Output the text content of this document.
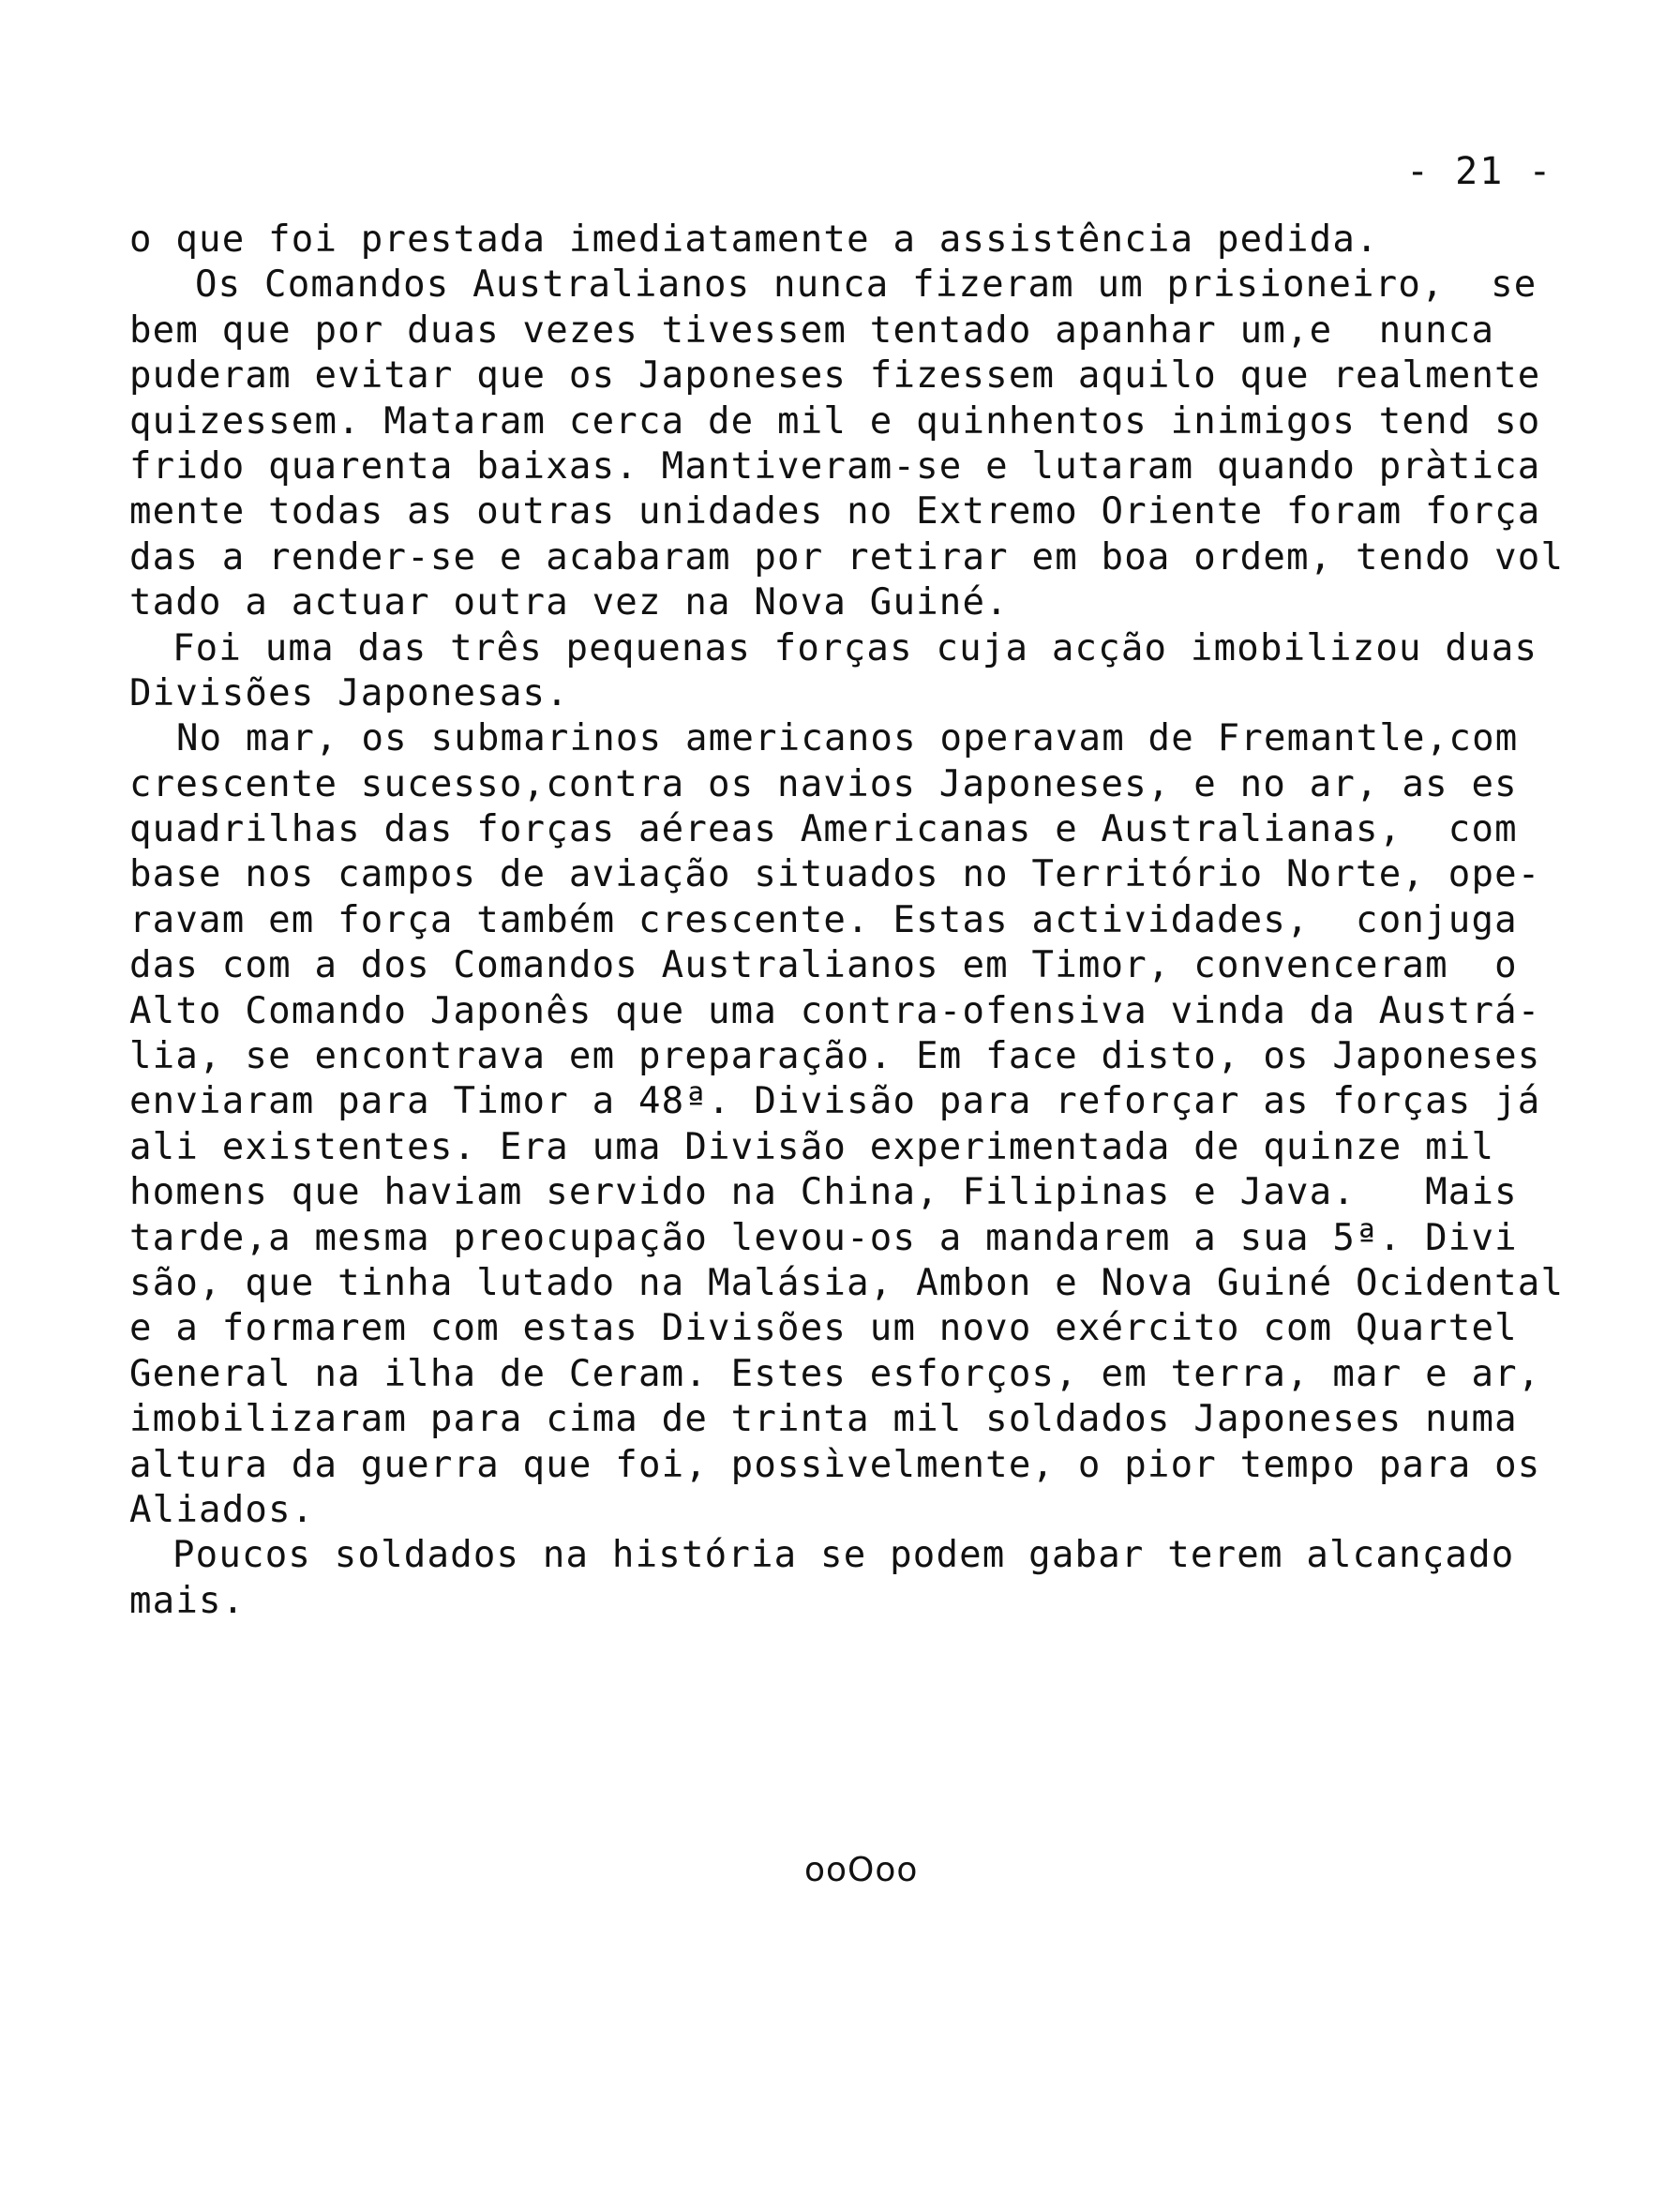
- 21 -
o que foi prestada imediatamente a assistência pedida.
Os Comandos Australianos nunca fizeram um prisioneiro,  se
bem que por duas vezes tivessem tentado apanhar um,e  nunca
puderam evitar que os Japoneses fizessem aquilo que realmente
quizessem. Mataram cerca de mil e quinhentos inimigos tend so
frido quarenta baixas. Mantiveram-se e lutaram quando pràtica
mente todas as outras unidades no Extremo Oriente foram força
das a render-se e acabaram por retirar em boa ordem, tendo vol
tado a actuar outra vez na Nova Guiné.
Foi uma das três pequenas forças cuja acção imobilizou duas
Divisões Japonesas.
No mar, os submarinos americanos operavam de Fremantle,com
crescente sucesso,contra os navios Japoneses, e no ar, as es
quadrilhas das forças aéreas Americanas e Australianas,  com
base nos campos de aviação situados no Território Norte, ope-
ravam em força também crescente. Estas actividades,  conjuga
das com a dos Comandos Australianos em Timor, convenceram  o
Alto Comando Japonês que uma contra-ofensiva vinda da Austrá-
lia, se encontrava em preparação. Em face disto, os Japoneses
enviaram para Timor a 48ª. Divisão para reforçar as forças já
ali existentes. Era uma Divisão experimentada de quinze mil
homens que haviam servido na China, Filipinas e Java.   Mais
tarde,a mesma preocupação levou-os a mandarem a sua 5ª. Divi
são, que tinha lutado na Malásia, Ambon e Nova Guiné Ocidental
e a formarem com estas Divisões um novo exército com Quartel
General na ilha de Ceram. Estes esforços, em terra, mar e ar,
imobilizaram para cima de trinta mil soldados Japoneses numa
altura da guerra que foi, possìvelmente, o pior tempo para os
Aliados.
Poucos soldados na história se podem gabar terem alcançado
mais.
ooOoo
